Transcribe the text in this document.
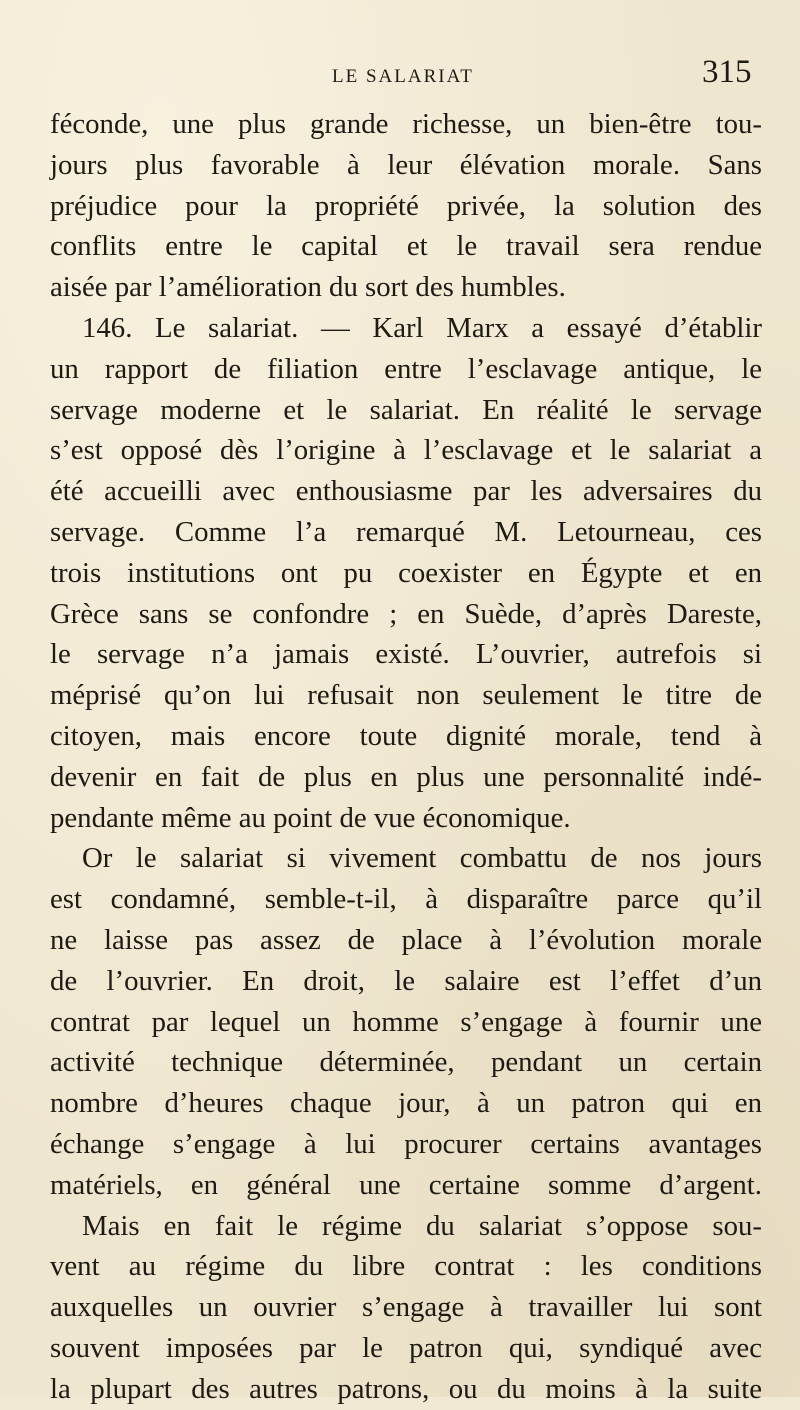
LE SALARIAT	315
féconde, une plus grande richesse, un bien-être tou-
jours plus favorable à leur élévation morale. Sans
préjudice pour la propriété privée, la solution des
conflits entre le capital et le travail sera rendue
aisée par l’amélioration du sort des humbles.
146. Le salariat. — Karl Marx a essayé d’établir
un rapport de filiation entre l’esclavage antique, le
servage moderne et le salariat. En réalité le servage
s’est opposé dès l’origine à l’esclavage et le salariat a
été accueilli avec enthousiasme par les adversaires du
servage. Comme l’a remarqué M. Letourneau, ces
trois institutions ont pu coexister en Égypte et en
Grèce sans se confondre ; en Suède, d’après Dareste,
le servage n’a jamais existé. L’ouvrier, autrefois si
méprisé qu’on lui refusait non seulement le titre de
citoyen, mais encore toute dignité morale, tend à
devenir en fait de plus en plus une personnalité indé-
pendante même au point de vue économique.
Or le salariat si vivement combattu de nos jours
est condamné, semble-t-il, à disparaître parce qu’il
ne laisse pas assez de place à l’évolution morale
de l’ouvrier. En droit, le salaire est l’effet d’un
contrat par lequel un homme s’engage à fournir une
activité technique déterminée, pendant un certain
nombre d’heures chaque jour, à un patron qui en
échange s’engage à lui procurer certains avantages
matériels, en général une certaine somme d’argent.
Mais en fait le régime du salariat s’oppose sou-
vent au régime du libre contrat : les conditions
auxquelles un ouvrier s’engage à travailler lui sont
souvent imposées par le patron qui, syndiqué avec
la plupart des autres patrons, ou du moins à la suite
